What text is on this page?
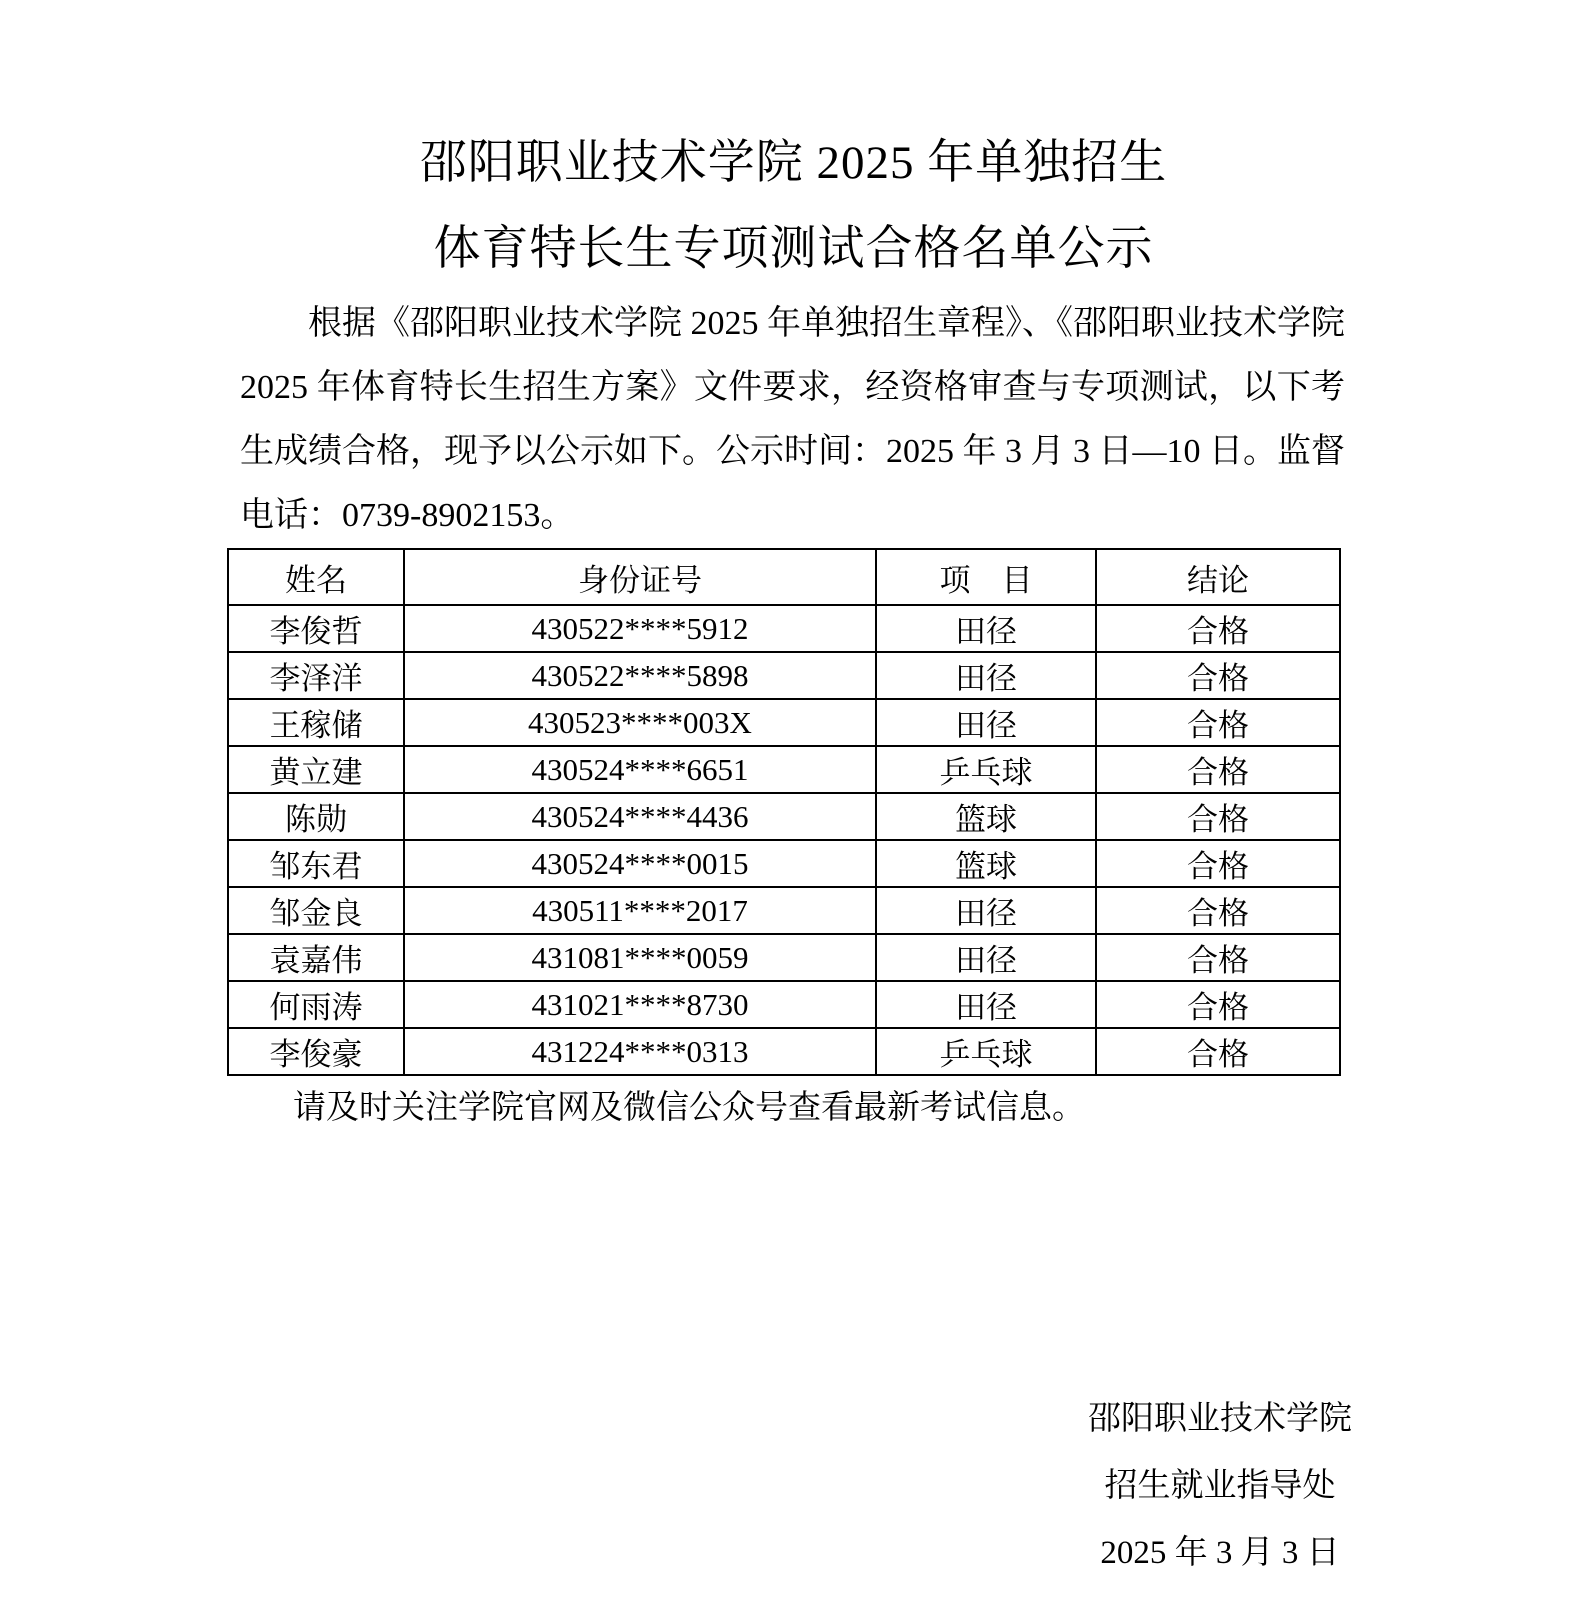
邵阳职业技术学院 2025 年单独招生
体育特长生专项测试合格名单公示

根据《邵阳职业技术学院 2025 年单独招生章程》、《邵阳职业技术学院 2025 年体育特长生招生方案》文件要求，经资格审查与专项测试，以下考生成绩合格，现予以公示如下。公示时间：2025 年 3 月 3 日—10 日。监督电话：0739-8902153。

姓名	身份证号	项　目	结论
李俊哲	430522****5912	田径	合格
李泽洋	430522****5898	田径	合格
王稼储	430523****003X	田径	合格
黄立建	430524****6651	乒乓球	合格
陈勋	430524****4436	篮球	合格
邹东君	430524****0015	篮球	合格
邹金良	430511****2017	田径	合格
袁嘉伟	431081****0059	田径	合格
何雨涛	431021****8730	田径	合格
李俊豪	431224****0313	乒乓球	合格

请及时关注学院官网及微信公众号查看最新考试信息。

邵阳职业技术学院
招生就业指导处
2025 年 3 月 3 日
